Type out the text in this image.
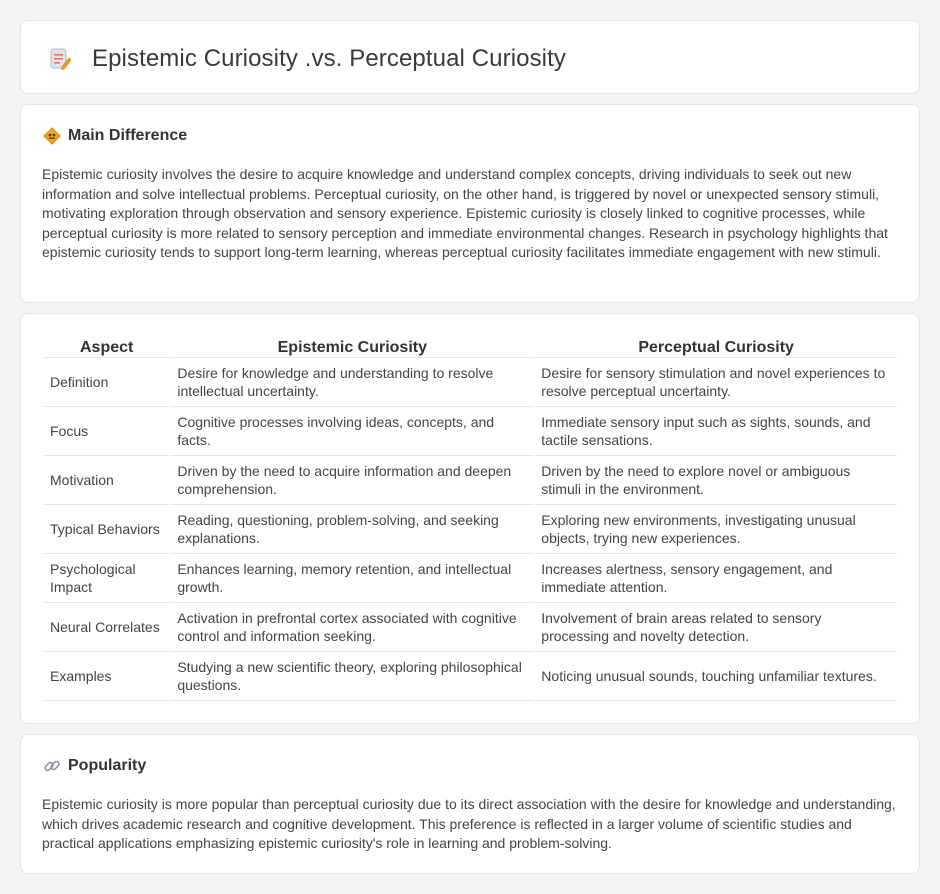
Epistemic Curiosity .vs. Perceptual Curiosity
Main Difference

Epistemic curiosity involves the desire to acquire knowledge and understand complex concepts, driving individuals to seek out new information and solve intellectual problems. Perceptual curiosity, on the other hand, is triggered by novel or unexpected sensory stimuli, motivating exploration through observation and sensory experience. Epistemic curiosity is closely linked to cognitive processes, while perceptual curiosity is more related to sensory perception and immediate environmental changes. Research in psychology highlights that epistemic curiosity tends to support long-term learning, whereas perceptual curiosity facilitates immediate engagement with new stimuli.

Aspect	Epistemic Curiosity	Perceptual Curiosity
Definition	Desire for knowledge and understanding to resolve intellectual uncertainty.	Desire for sensory stimulation and novel experiences to resolve perceptual uncertainty.
Focus	Cognitive processes involving ideas, concepts, and facts.	Immediate sensory input such as sights, sounds, and tactile sensations.
Motivation	Driven by the need to acquire information and deepen comprehension.	Driven by the need to explore novel or ambiguous stimuli in the environment.
Typical Behaviors	Reading, questioning, problem-solving, and seeking explanations.	Exploring new environments, investigating unusual objects, trying new experiences.
Psychological Impact	Enhances learning, memory retention, and intellectual growth.	Increases alertness, sensory engagement, and immediate attention.
Neural Correlates	Activation in prefrontal cortex associated with cognitive control and information seeking.	Involvement of brain areas related to sensory processing and novelty detection.
Examples	Studying a new scientific theory, exploring philosophical questions.	Noticing unusual sounds, touching unfamiliar textures.
Popularity

Epistemic curiosity is more popular than perceptual curiosity due to its direct association with the desire for knowledge and understanding, which drives academic research and cognitive development. This preference is reflected in a larger volume of scientific studies and practical applications emphasizing epistemic curiosity's role in learning and problem-solving.
